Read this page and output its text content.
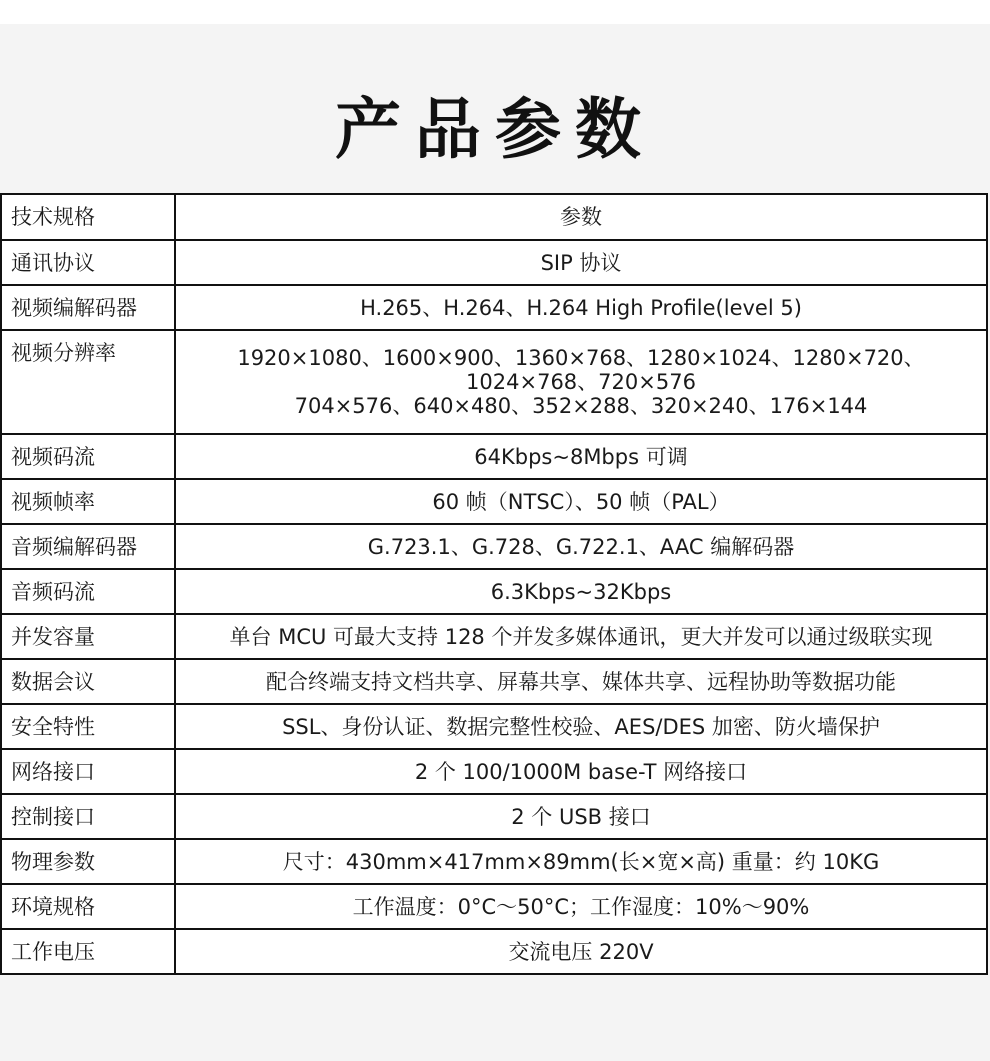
产品参数
技术规格	参数
通讯协议	SIP 协议
视频编解码器	H.265、H.264、H.264 High Profile(level 5)
视频分辨率	1920×1080、1600×900、1360×768、1280×1024、1280×720、
1024×768、720×576
704×576、640×480、352×288、320×240、176×144

视频码流	64Kbps~8Mbps 可调
视频帧率	60 帧（NTSC）、50 帧（PAL）
音频编解码器	G.723.1、G.728、G.722.1、AAC 编解码器
音频码流	6.3Kbps~32Kbps
并发容量	单台 MCU 可最大支持 128 个并发多媒体通讯，更大并发可以通过级联实现
数据会议	配合终端支持文档共享、屏幕共享、媒体共享、远程协助等数据功能
安全特性	SSL、身份认证、数据完整性校验、AES/DES 加密、防火墙保护
网络接口	2 个 100/1000M base-T 网络接口
控制接口	2 个 USB 接口
物理参数	尺寸：430mm×417mm×89mm(长×宽×高) 重量：约 10KG
环境规格	工作温度：0°C～50°C；工作湿度：10%～90%
工作电压	交流电压 220V
